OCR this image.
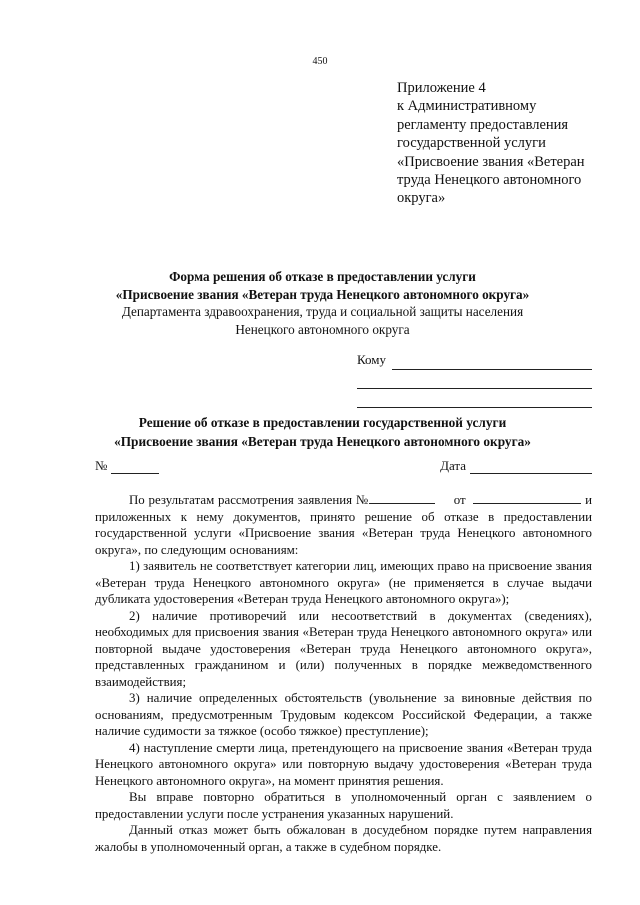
450
Приложение 4
к Административному
регламенту предоставления
государственной услуги
«Присвоение звания «Ветеран
труда Ненецкого автономного
округа»
Форма решения об отказе в предоставлении услуги
«Присвоение звания «Ветеран труда Ненецкого автономного округа»
Департамента здравоохранения, труда и социальной защиты населения
Ненецкого автономного округа
Кому
Решение об отказе в предоставлении государственной услуги
«Присвоение звания «Ветеран труда Ненецкого автономного округа»
№	Дата

По результатам рассмотрения заявления №	от	и приложенных к нему документов, принято решение об отказе в предоставлении государственной услуги «Присвоение звания «Ветеран труда Ненецкого автономного округа», по следующим основаниям:

1) заявитель не соответствует категории лиц, имеющих право на присвоение звания «Ветеран труда Ненецкого автономного округа» (не применяется в случае выдачи дубликата удостоверения «Ветеран труда Ненецкого автономного округа»);

2) наличие противоречий или несоответствий в документах (сведениях), необходимых для присвоения звания «Ветеран труда Ненецкого автономного округа» или повторной выдаче удостоверения «Ветеран труда Ненецкого автономного округа», представленных гражданином и (или) полученных в порядке межведомственного взаимодействия;

3) наличие определенных обстоятельств (увольнение за виновные действия по основаниям, предусмотренным Трудовым кодексом Российской Федерации, а также наличие судимости за тяжкое (особо тяжкое) преступление);

4) наступление смерти лица, претендующего на присвоение звания «Ветеран труда Ненецкого автономного округа» или повторную выдачу удостоверения «Ветеран труда Ненецкого автономного округа», на момент принятия решения.

Вы вправе повторно обратиться в уполномоченный орган с заявлением о предоставлении услуги после устранения указанных нарушений.

Данный отказ может быть обжалован в досудебном порядке путем направления жалобы в уполномоченный орган, а также в судебном порядке.
